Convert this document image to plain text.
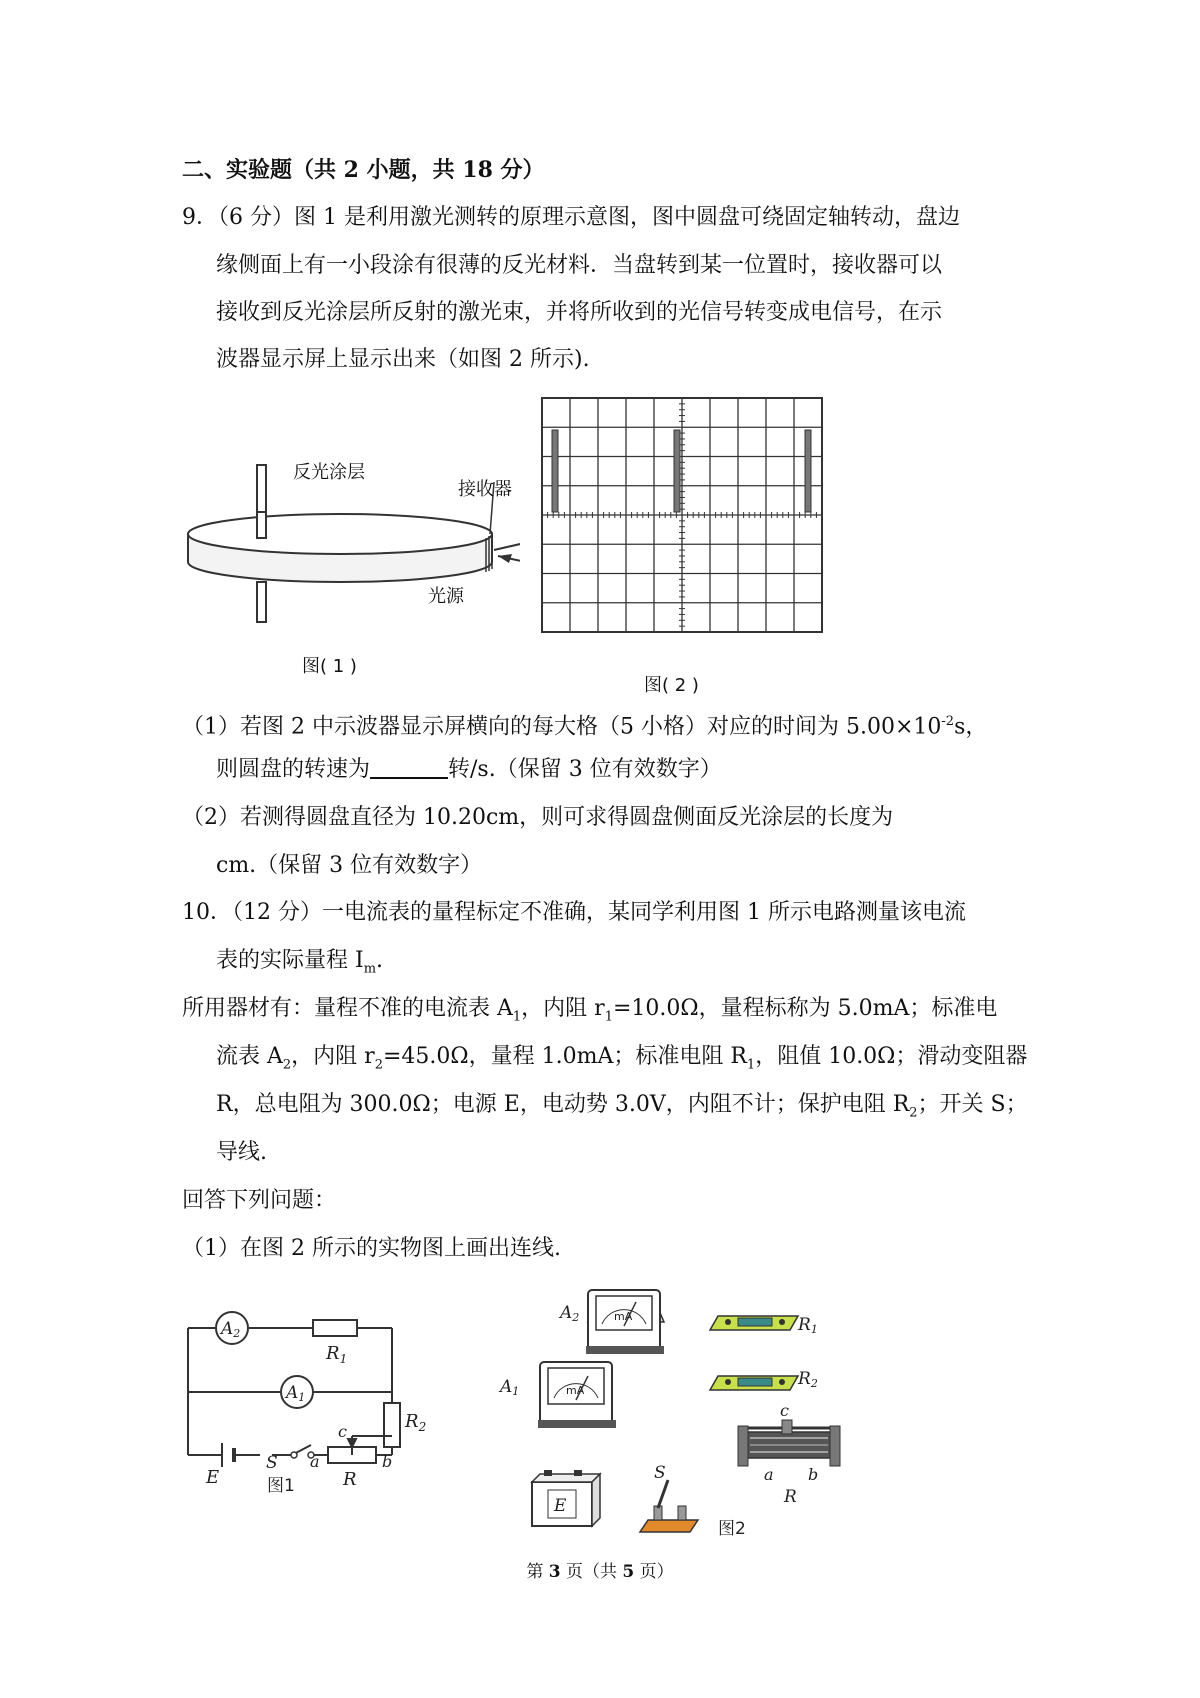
二、实验题（共 2 小题，共 18 分）
9．（6 分）图 1 是利用激光测转的原理示意图，图中圆盘可绕固定轴转动，盘边
缘侧面上有一小段涂有很薄的反光材料．当盘转到某一位置时，接收器可以
接收到反光涂层所反射的激光束，并将所收到的光信号转变成电信号，在示
波器显示屏上显示出来（如图 2 所示).
反光涂层
接收器
光源
图( 1 )
图( 2 )
（1）若图 2 中示波器显示屏横向的每大格（5 小格）对应的时间为 $5.00\times 10^{-2}s$，
则圆盘的转速为	转/s.（保留 3 位有效数字）
（2）若测得圆盘直径为 10.20cm，则可求得圆盘侧面反光涂层的长度为
cm.（保留 3 位有效数字）
10．（12 分）一电流表的量程标定不准确，某同学利用图 1 所示电路测量该电流
表的实际量程 $I_m$.
所用器材有：量程不准的电流表 $A_1$，内阻 $r_1=10.0\Omega$，量程标称为 5.0mA；标准电
流表 $A_2$，内阻 $r_2=45.0\Omega$，量程 1.0mA；标准电阻 $R_1$，阻值 10.0Ω；滑动变阻器
R，总电阻为 300.0Ω；电源 E，电动势 3.0V，内阻不计；保护电阻 $R_2$；开关 S；
导线.
回答下列问题：
（1）在图 2 所示的实物图上画出连线.
A2
A1
$R_1$
$R_2$
E
S
c
a	b
R
图1
mA
A2
mA
A1
R1
R2
c
a b
R
E
S
图2
第 3 页（共 5 页）
